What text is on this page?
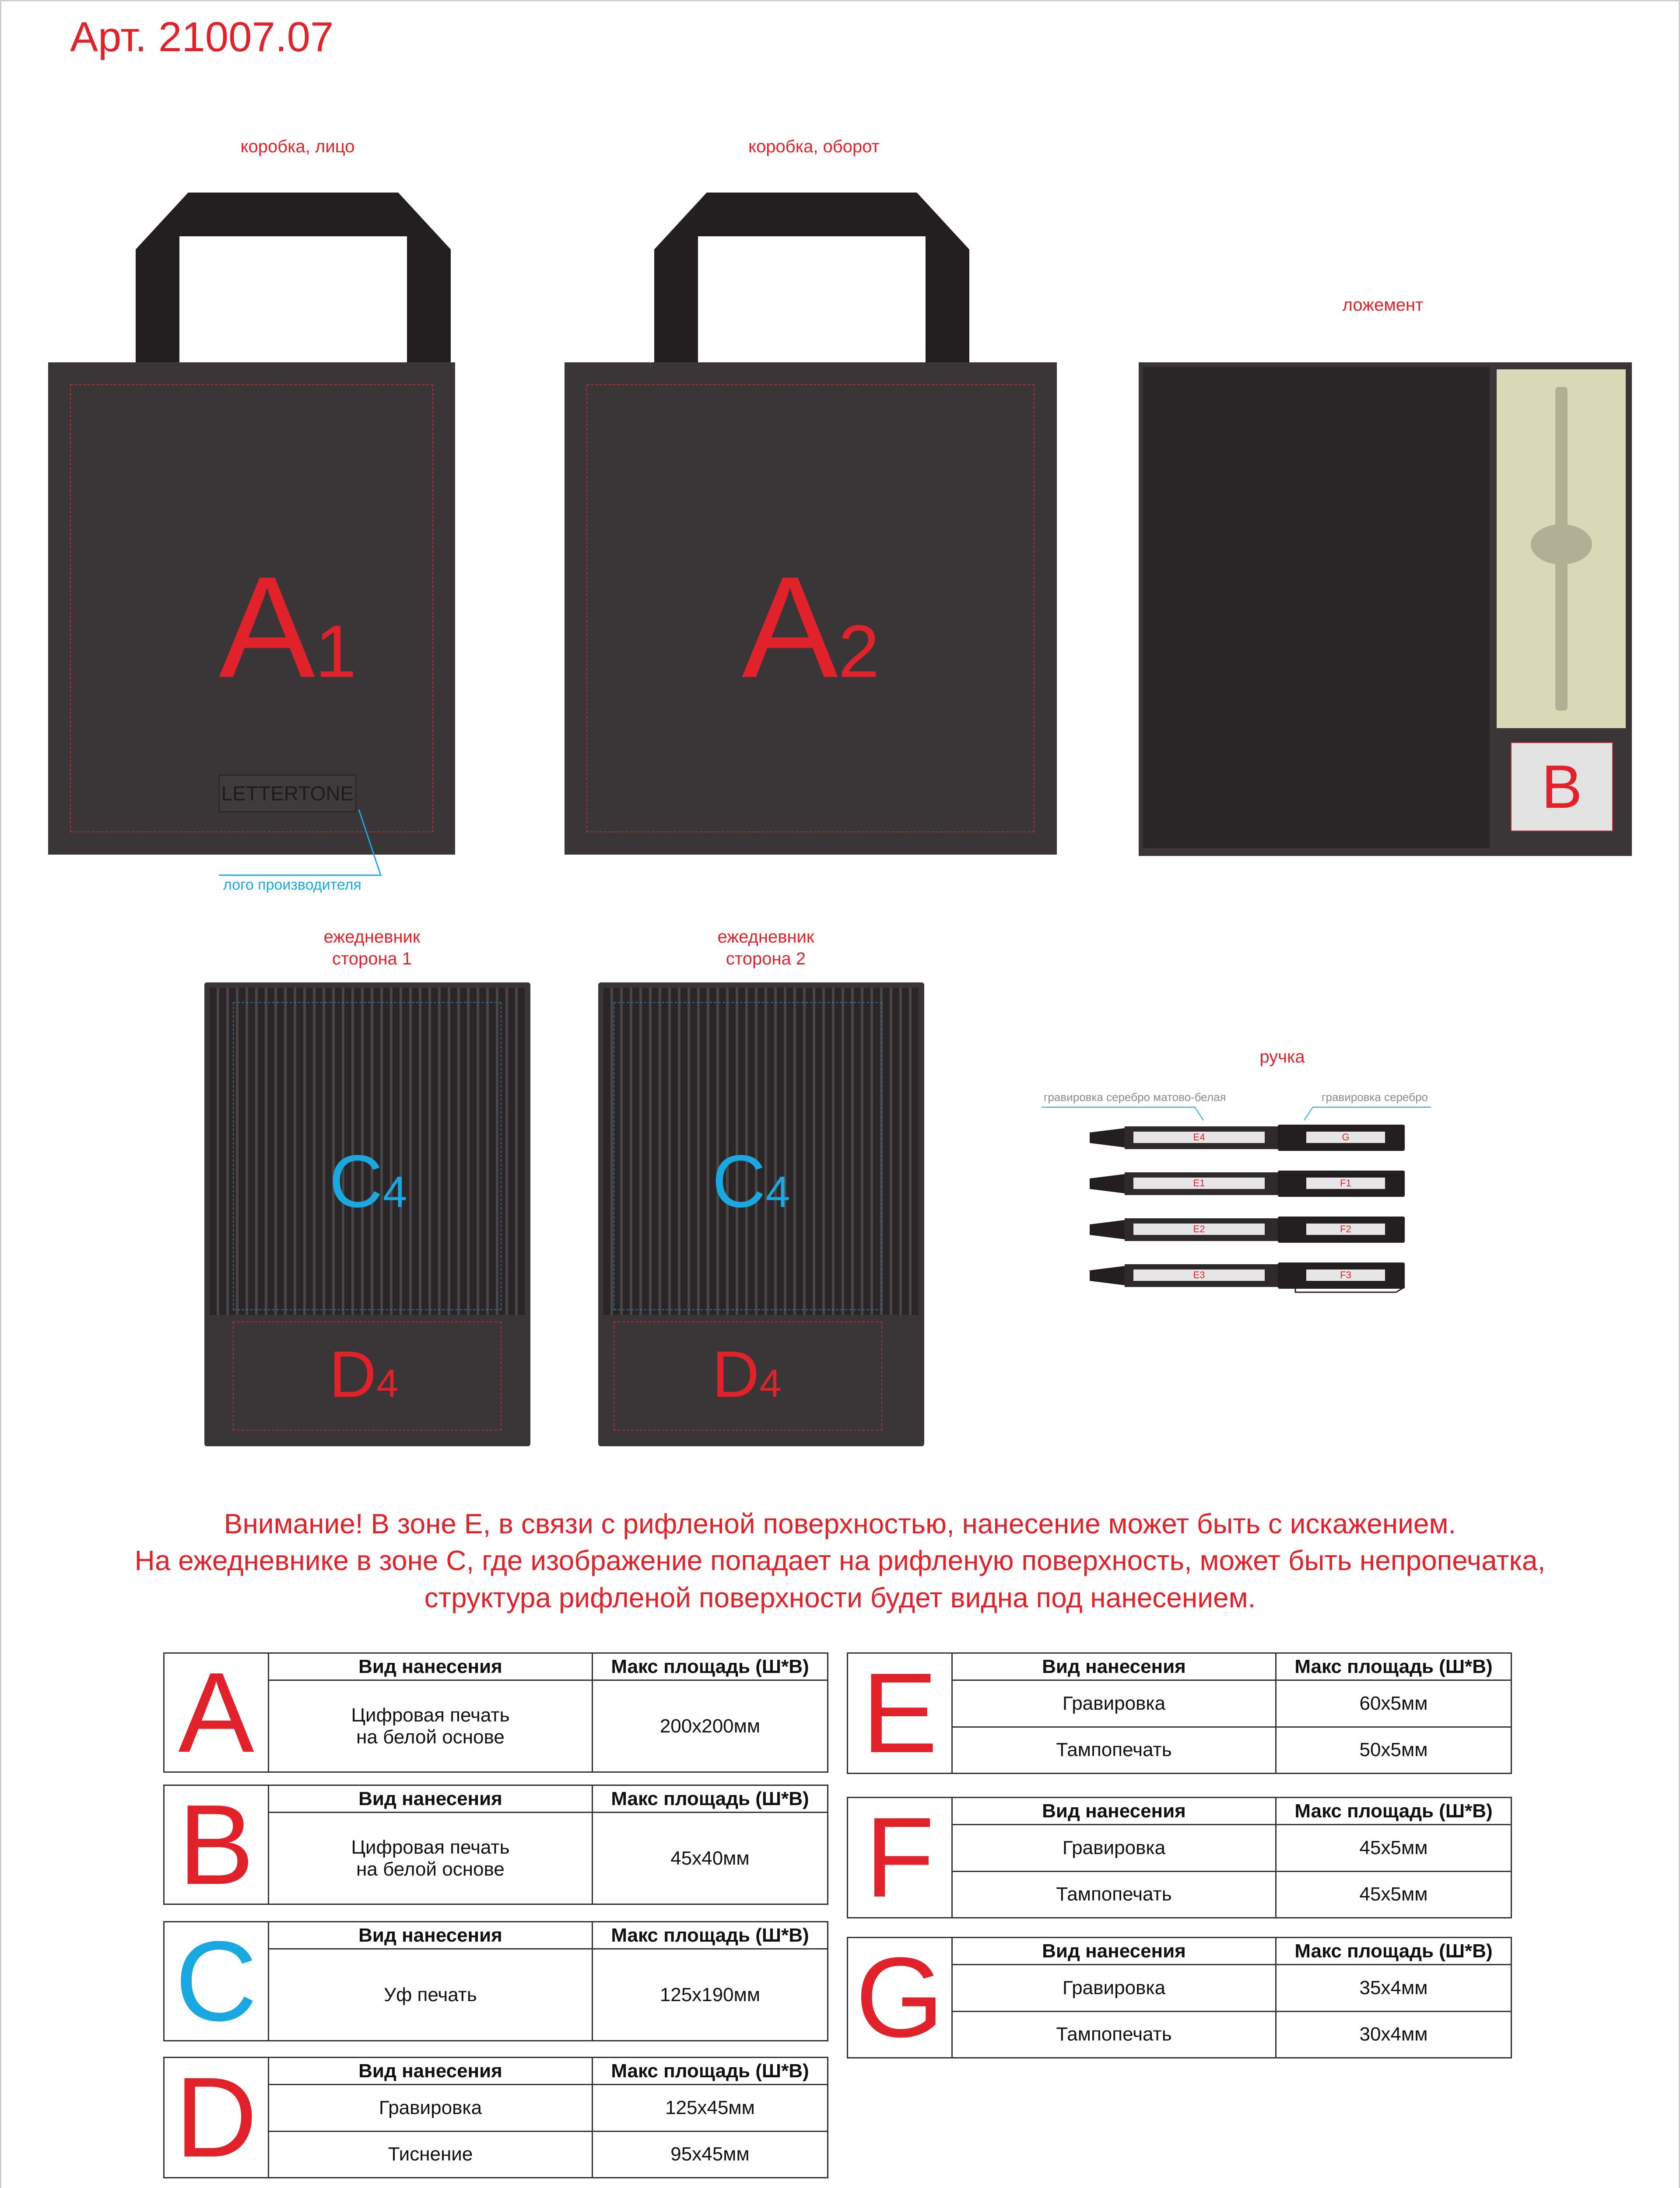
Арт. 21007.07
коробка, лицо
A1
LETTERTONE
лого производителя
коробка, оборот
A2
ложемент
B
ежедневник
сторона 1
C4
D4
ежедневник
сторона 2
C4
D4
ручка
гравировка серебро матово-белая	гравировка серебро
E4	G
E1	F1
E2	F2
E3	F3
Внимание! В зоне Е, в связи с рифленой поверхностью, нанесение может быть с искажением.
На ежедневнике в зоне С, где изображение попадает на рифленую поверхность, может быть непропечатка,
структура рифленой поверхности будет видна под нанесением.
A	Вид нанесения	Макс площадь (Ш*В)

	Цифровая печать
на белой основе	200x200мм
B	Вид нанесения	Макс площадь (Ш*В)

	Цифровая печать
на белой основе	45x40мм
C	Вид нанесения	Макс площадь (Ш*В)
	Уф печать	125x190мм
D	Вид нанесения	Макс площадь (Ш*В)
	Гравировка	125x45мм
	Тиснение	95x45мм
E	Вид нанесения	Макс площадь (Ш*В)
	Гравировка	60x5мм
	Тампопечать	50x5мм
F	Вид нанесения	Макс площадь (Ш*В)
	Гравировка	45x5мм
	Тампопечать	45x5мм
G	Вид нанесения	Макс площадь (Ш*В)
	Гравировка	35x4мм
	Тампопечать	30x4мм
